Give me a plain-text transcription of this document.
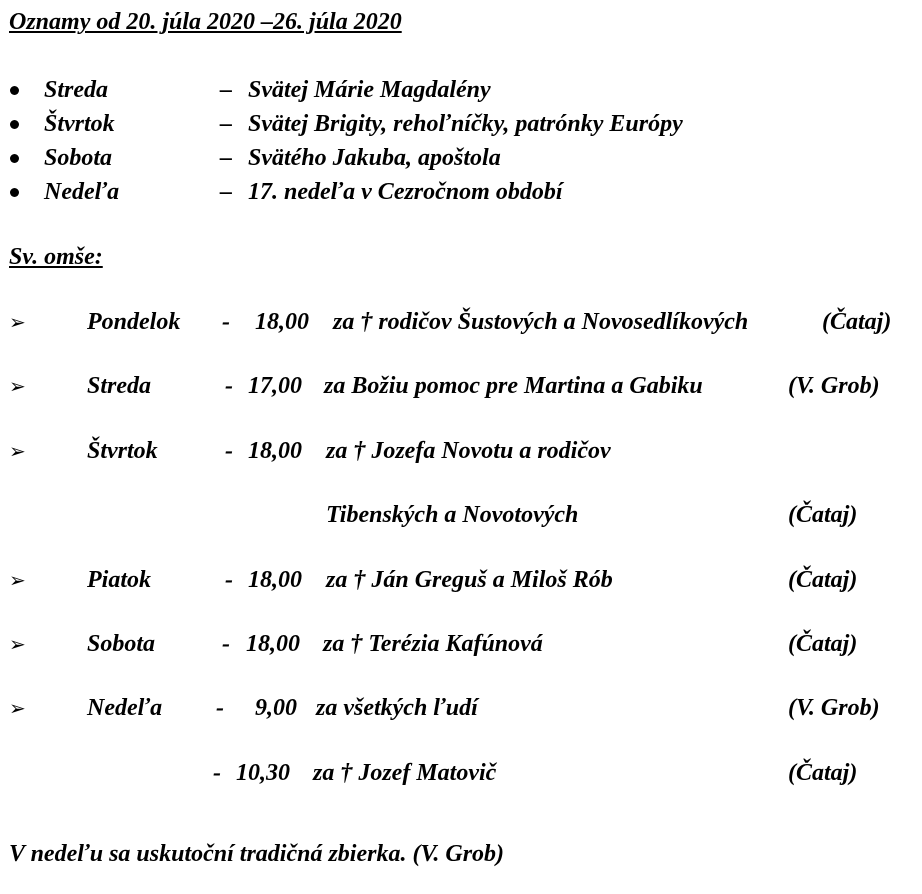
Oznamy od 20. júla 2020 –26. júla 2020
Streda	– Svätej Márie Magdalény
Štvrtok	– Svätej Brigity, rehoľníčky, patrónky Európy
Sobota	– Svätého Jakuba, apoštola
Nedeľa	– 17. nedeľa v Cezročnom období
Sv. omše:
➢	Pondelok - 18,00 za † rodičov Šustových a Novosedlíkových	(Čataj)
➢	Streda	- 17,00 za Božiu pomoc pre Martina a Gabiku	(V. Grob)
➢	Štvrtok	- 18,00 za † Jozefa Novotu a rodičov
Tibenských a Novotových	(Čataj)
➢	Piatok	- 18,00 za † Ján Greguš a Miloš Rób	(Čataj)
➢	Sobota	- 18,00 za † Terézia Kafúnová	(Čataj)
➢	Nedeľa - 9,00 za všetkých ľudí	(V. Grob)
- 10,30 za † Jozef Matovič	(Čataj)
V nedeľu sa uskutoční tradičná zbierka. (V. Grob)
